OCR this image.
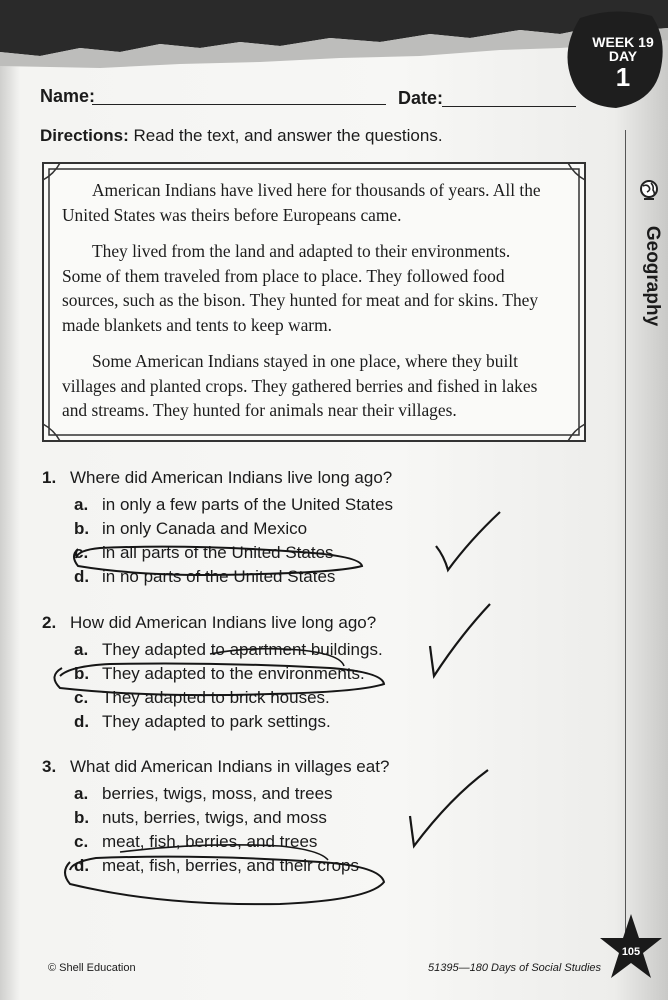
WEEK 19
DAY
1
Name:	Date:
Directions: Read the text, and answer the questions.

American Indians have lived here for thousands of years. All the United States was theirs before Europeans came.

They lived from the land and adapted to their environments. Some of them traveled from place to place. They followed food sources, such as the bison. They hunted for meat and for skins. They made blankets and tents to keep warm.

Some American Indians stayed in one place, where they built villages and planted crops. They gathered berries and fished in lakes and streams. They hunted for animals near their villages.

Geography
1. Where did American Indians live long ago?
a. in only a few parts of the United States
b. in only Canada and Mexico
c. in all parts of the United States
d. in no parts of the United States
2. How did American Indians live long ago?
a. They adapted to apartment buildings.
b. They adapted to the environments.
c. They adapted to brick houses.
d. They adapted to park settings.
3. What did American Indians in villages eat?
a. berries, twigs, moss, and trees
b. nuts, berries, twigs, and moss
c. meat, fish, berries, and trees
d. meat, fish, berries, and their crops
© Shell Education	51395—180 Days of Social Studies
105
